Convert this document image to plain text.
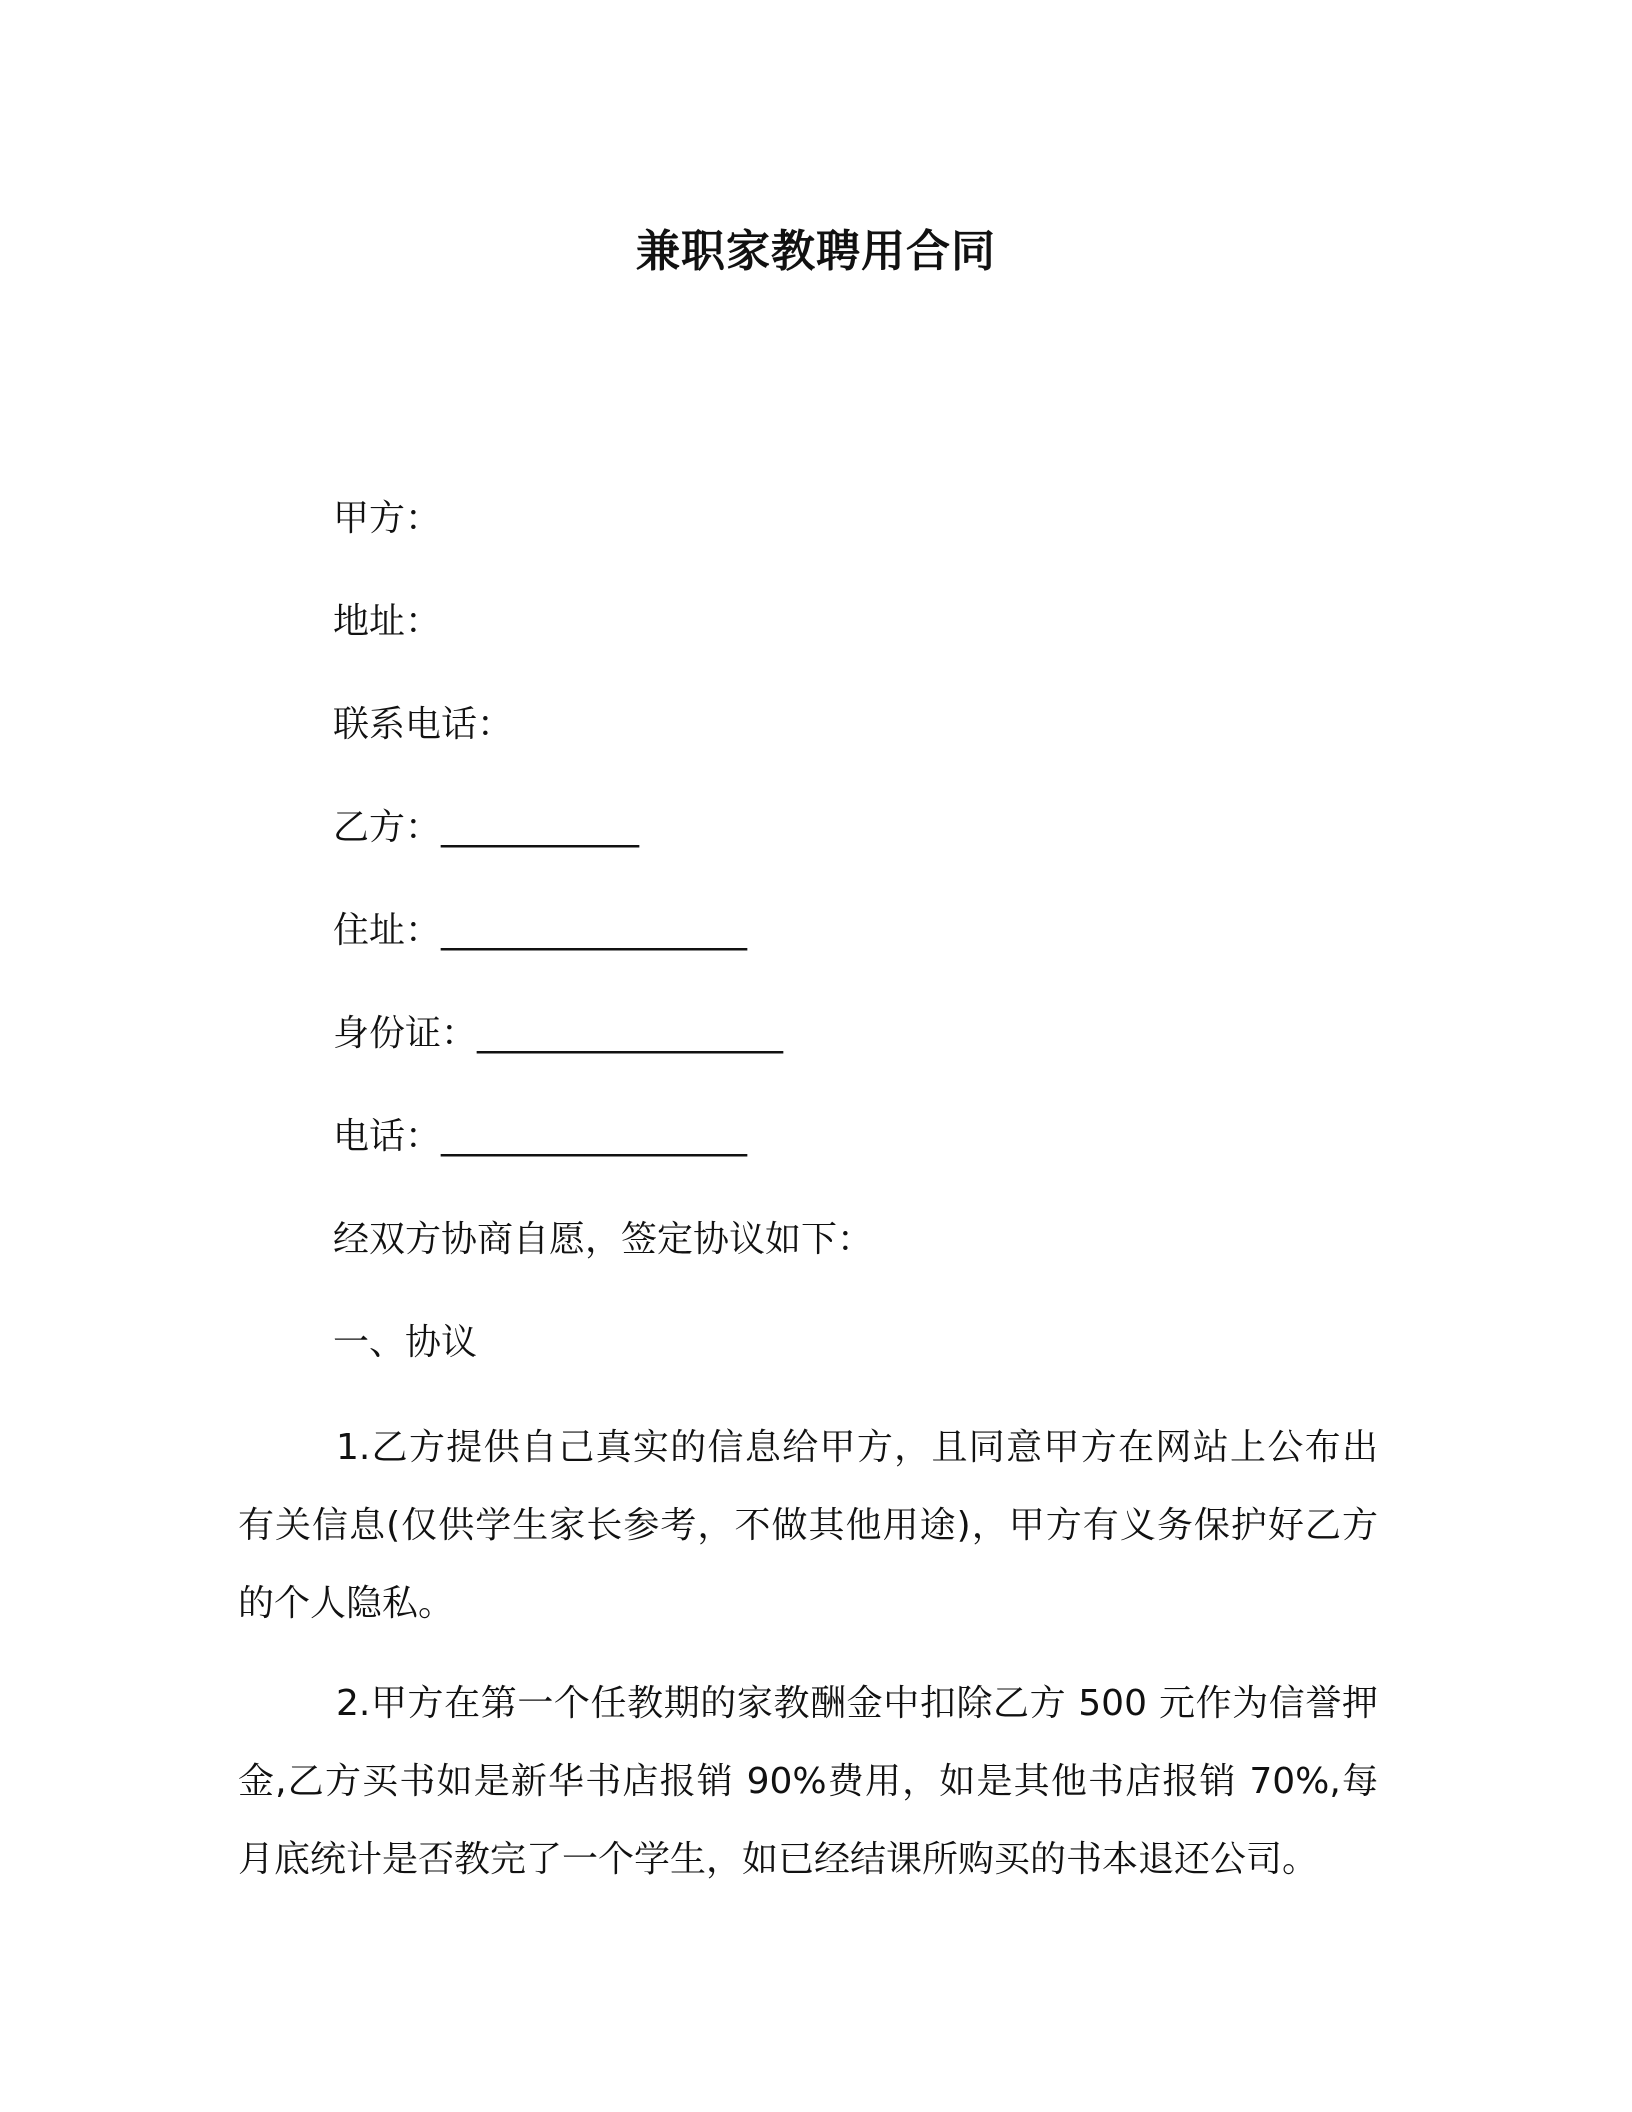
兼职家教聘用合同
甲方：
地址：
联系电话：
乙方：___________
住址：_________________
身份证：_________________
电话：_________________
经双方协商自愿，签定协议如下：
一、协议
1.乙方提供自己真实的信息给甲方，且同意甲方在网站上公布出有关信息(仅供学生家长参考，不做其他用途)，甲方有义务保护好乙方的个人隐私。
2.甲方在第一个任教期的家教酬金中扣除乙方 500 元作为信誉押金,乙方买书如是新华书店报销 90%费用，如是其他书店报销 70%,每月底统计是否教完了一个学生，如已经结课所购买的书本退还公司。
